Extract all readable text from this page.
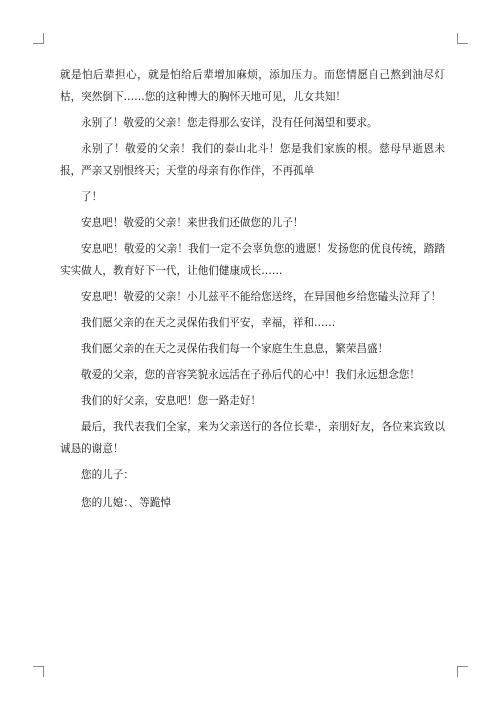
就是怕后辈担心，就是怕给后辈增加麻烦，添加压力。而您情愿自己熬到油尽灯枯，突然倒下……您的这种博大的胸怀天地可见，儿女共知！

永别了！敬爱的父亲！您走得那么安详，没有任何渴望和要求。

永别了！敬爱的父亲！我们的泰山北斗！您是我们家族的根。慈母早逝恩未报，严亲又别恨终天；天堂的母亲有你作伴，不再孤单

了！

安息吧！敬爱的父亲！来世我们还做您的儿子！

安息吧！敬爱的父亲！我们一定不会辜负您的遗愿！发扬您的优良传统，踏踏实实做人，教育好下一代，让他们健康成长……

安息吧！敬爱的父亲！小儿兹平不能给您送终，在异国他乡给您磕头泣拜了！

我们愿父亲的在天之灵保佑我们平安，幸福，祥和……

我们愿父亲的在天之灵保佑我们每一个家庭生生息息，繁荣昌盛！

敬爱的父亲，您的音容笑貌永远活在子孙后代的心中！我们永远想念您！

我们的好父亲，安息吧！您一路走好！

最后，我代表我们全家，来为父亲送行的各位长辈·，亲朋好友，各位来宾致以诚恳的谢意！

您的儿子：

您的儿媳：、等跪悼
